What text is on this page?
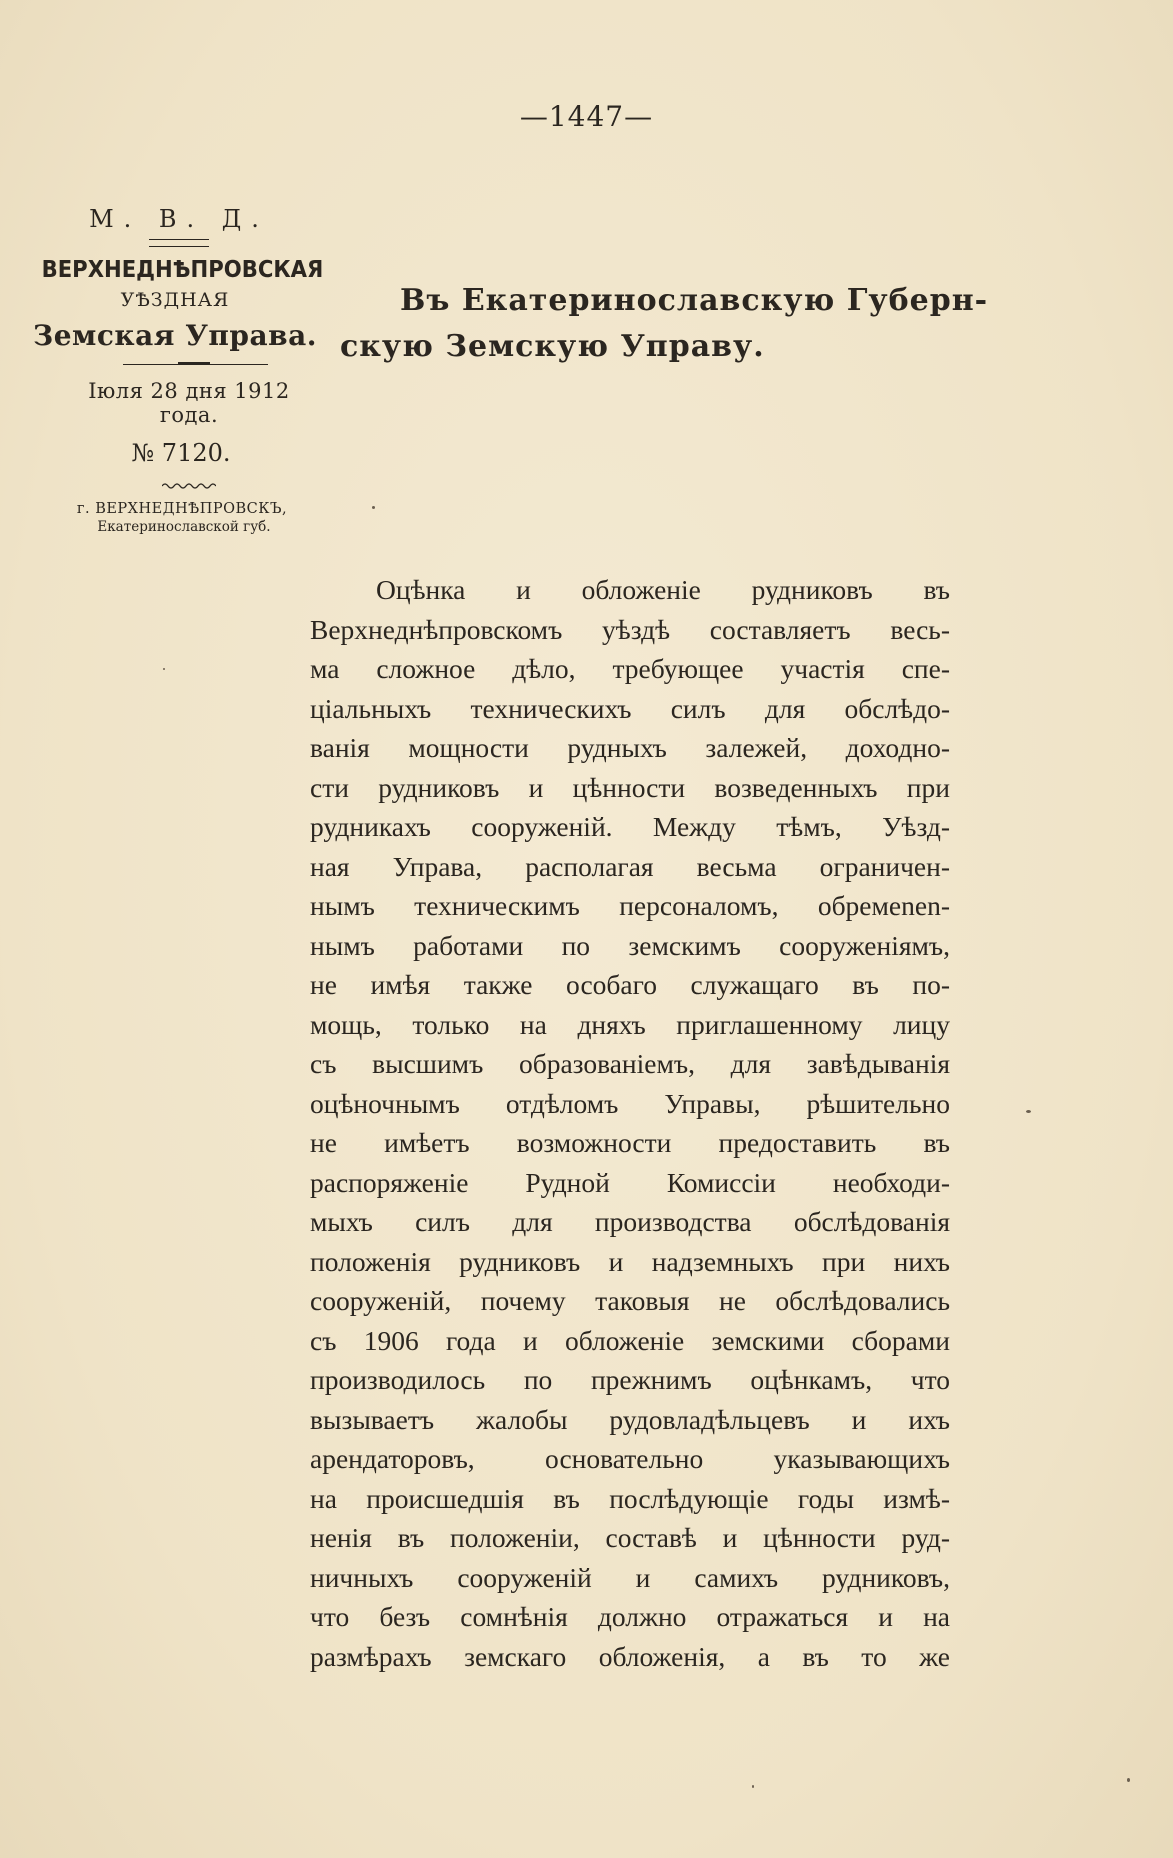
—1447—
М. В. Д.
ВЕРХНЕДНѢПРОВСКАЯ
УѢЗДНАЯ
Земская Управа.
Іюля 28 дня 1912 года.
№ 7120.
г. ВЕРХНЕДНѢПРОВСКЪ,
Екатеринославской губ.
Въ Екатеринославскую Губерн-
скую Земскую Управу.
Оцѣнка и обложеніе рудниковъ въ
Верхнеднѣпровскомъ уѣздѣ составляетъ весь-
ма сложное дѣло, требующее участія спе-
ціальныхъ техническихъ силъ для обслѣдо-
ванія мощности рудныхъ залежей, доходно-
сти рудниковъ и цѣнности возведенныхъ при
рудникахъ сооруженій. Между тѣмъ, Уѣзд-
ная Управа, располагая весьма ограничен-
нымъ техническимъ персоналомъ, обремenen-
нымъ работами по земскимъ сооруженіямъ,
не имѣя также особаго служащаго въ по-
мощь, только на дняхъ приглашенному лицу
съ высшимъ образованіемъ, для завѣдыванія
оцѣночнымъ отдѣломъ Управы, рѣшительно
не имѣетъ возможности предоставить въ
распоряженіе Рудной Комиссіи необходи-
мыхъ силъ для производства обслѣдованія
положенія рудниковъ и надземныхъ при нихъ
сооруженій, почему таковыя не обслѣдовались
съ 1906 года и обложеніе земскими сборами
производилось по прежнимъ оцѣнкамъ, что
вызываетъ жалобы рудовладѣльцевъ и ихъ
арендаторовъ, основательно указывающихъ
на происшедшія въ послѣдующіе годы измѣ-
ненія въ положеніи, составѣ и цѣнности руд-
ничныхъ сооруженій и самихъ рудниковъ,
что безъ сомнѣнія должно отражаться и на
размѣрахъ земскаго обложенія, а въ то же
